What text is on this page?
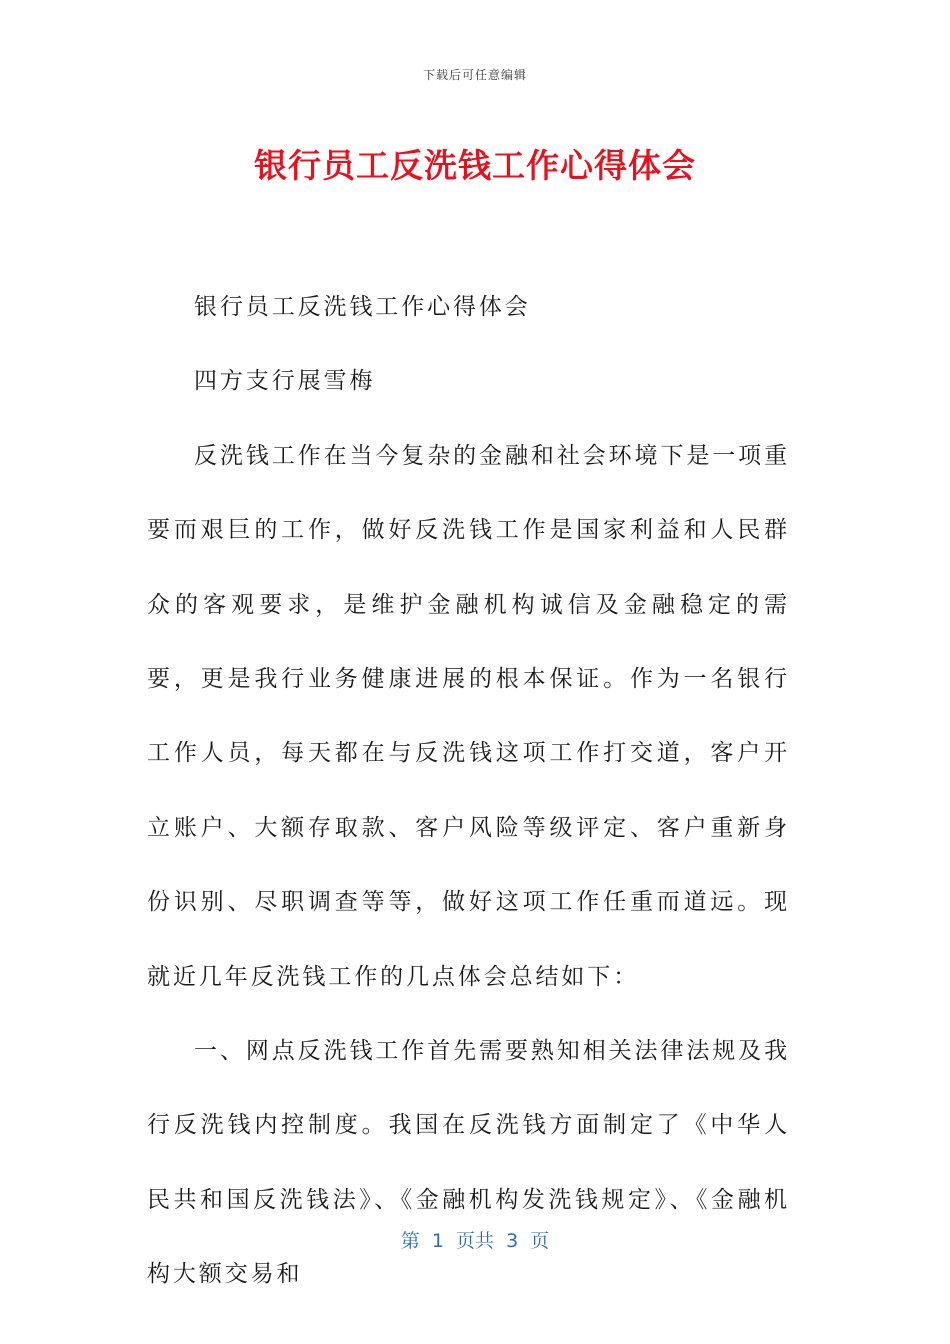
下载后可任意编辑
银行员工反洗钱工作心得体会

银行员工反洗钱工作心得体会

四方支行展雪梅

反洗钱工作在当今复杂的金融和社会环境下是一项重要而艰巨的工作，做好反洗钱工作是国家利益和人民群众的客观要求，是维护金融机构诚信及金融稳定的需要，更是我行业务健康进展的根本保证。作为一名银行工作人员，每天都在与反洗钱这项工作打交道，客户开立账户、大额存取款、客户风险等级评定、客户重新身份识别、尽职调查等等，做好这项工作任重而道远。现就近几年反洗钱工作的几点体会总结如下：

一、网点反洗钱工作首先需要熟知相关法律法规及我行反洗钱内控制度。我国在反洗钱方面制定了《中华人民共和国反洗钱法》、《金融机构发洗钱规定》、《金融机构大额交易和

第  1  页共  3  页
